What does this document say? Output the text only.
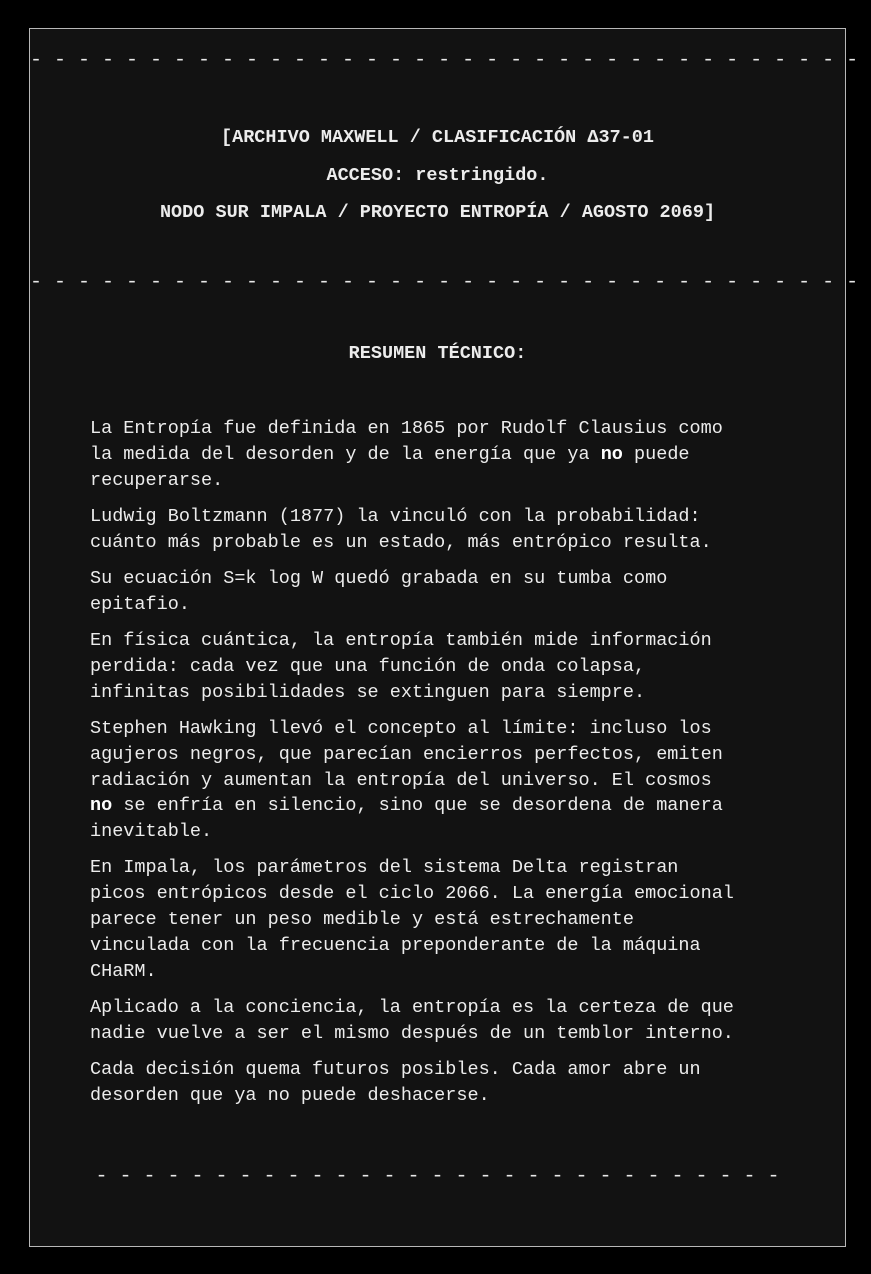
- - - - - - - - - - - - - - - - - - - - - - - - - - - - - - - - - - -
[ARCHIVO MAXWELL / CLASIFICACIÓN Δ37-01
ACCESO: restringido.
NODO SUR IMPALA / PROYECTO ENTROPÍA / AGOSTO 2069]
- - - - - - - - - - - - - - - - - - - - - - - - - - - - - - - - - - -
RESUMEN TÉCNICO:

La Entropía fue definida en 1865 por Rudolf Clausius como
la medida del desorden y de la energía que ya no puede
recuperarse.

Ludwig Boltzmann (1877) la vinculó con la probabilidad:
cuánto más probable es un estado, más entrópico resulta.

Su ecuación S=k log W quedó grabada en su tumba como
epitafio.

En física cuántica, la entropía también mide información
perdida: cada vez que una función de onda colapsa,
infinitas posibilidades se extinguen para siempre.

Stephen Hawking llevó el concepto al límite: incluso los
agujeros negros, que parecían encierros perfectos, emiten
radiación y aumentan la entropía del universo. El cosmos
no se enfría en silencio, sino que se desordena de manera
inevitable.

En Impala, los parámetros del sistema Delta registran
picos entrópicos desde el ciclo 2066. La energía emocional
parece tener un peso medible y está estrechamente
vinculada con la frecuencia preponderante de la máquina
CHaRM.

Aplicado a la conciencia, la entropía es la certeza de que
nadie vuelve a ser el mismo después de un temblor interno.

Cada decisión quema futuros posibles. Cada amor abre un
desorden que ya no puede deshacerse.

- - - - - - - - - - - - - - - - - - - - - - - - - - - - -
